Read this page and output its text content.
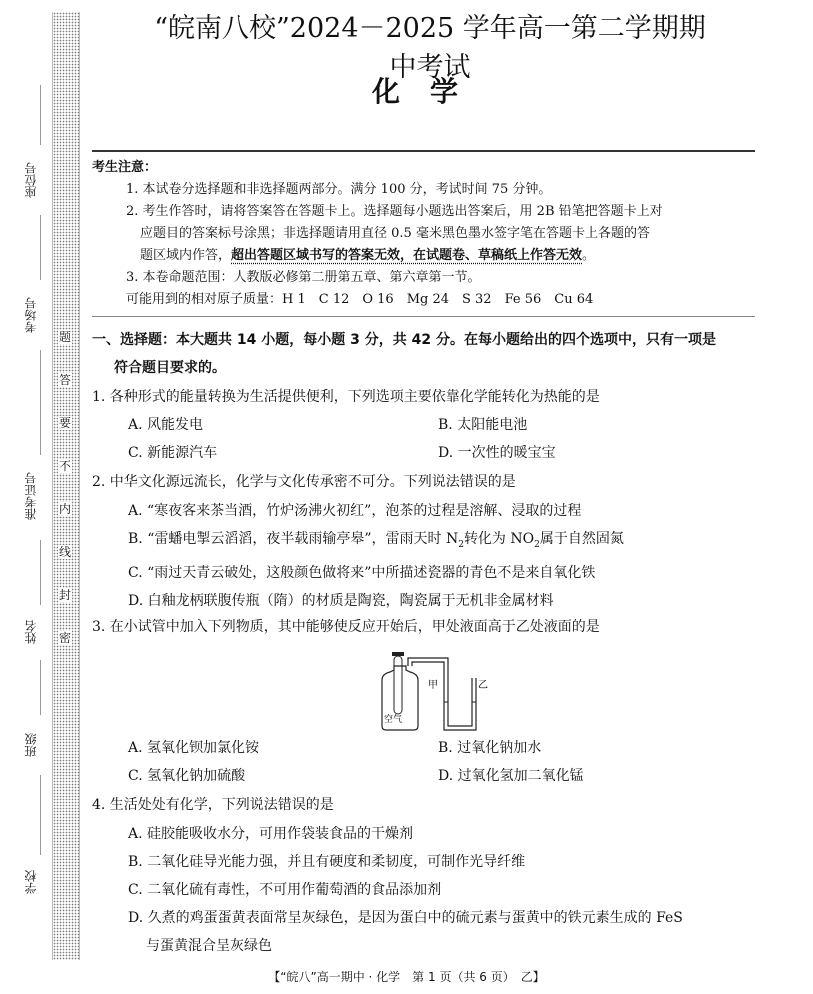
题
答
要
不
内
线
封
密
座位号
考场号
准考证号
姓名
班级
学校
“皖南八校”2024－2025 学年高一第二学期期中考试
化学
考生注意：
1. 本试卷分选择题和非选择题两部分。满分 100 分，考试时间 75 分钟。
2. 考生作答时，请将答案答在答题卡上。选择题每小题选出答案后，用 2B 铅笔把答题卡上对
应题目的答案标号涂黑；非选择题请用直径 0.5 毫米黑色墨水签字笔在答题卡上各题的答
题区域内作答，超出答题区域书写的答案无效，在试题卷、草稿纸上作答无效。
3. 本卷命题范围：人教版必修第二册第五章、第六章第一节。
可能用到的相对原子质量：H 1　C 12　O 16　Mg 24　S 32　Fe 56　Cu 64
一、选择题：本大题共 14 小题，每小题 3 分，共 42 分。在每小题给出的四个选项中，只有一项是
符合题目要求的。
1. 各种形式的能量转换为生活提供便利，下列选项主要依靠化学能转化为热能的是
A. 风能发电	B. 太阳能电池
C. 新能源汽车	D. 一次性的暖宝宝
2. 中华文化源远流长，化学与文化传承密不可分。下列说法错误的是
A. “寒夜客来茶当酒，竹炉汤沸火初红”，泡茶的过程是溶解、浸取的过程
B. “雷蟠电掣云滔滔，夜半载雨输亭皋”，雷雨天时 $N_2$转化为 $NO_2$属于自然固氮
C. “雨过天青云破处，这般颜色做将来”中所描述瓷器的青色不是来自氧化铁
D. 白釉龙柄联腹传瓶（隋）的材质是陶瓷，陶瓷属于无机非金属材料
3. 在小试管中加入下列物质，其中能够使反应开始后，甲处液面高于乙处液面的是
甲	乙
空气
A. 氢氧化钡加氯化铵	B. 过氧化钠加水
C. 氢氧化钠加硫酸	D. 过氧化氢加二氧化锰
4. 生活处处有化学，下列说法错误的是
A. 硅胶能吸收水分，可用作袋装食品的干燥剂
B. 二氧化硅导光能力强，并且有硬度和柔韧度，可制作光导纤维
C. 二氧化硫有毒性，不可用作葡萄酒的食品添加剂
D. 久煮的鸡蛋蛋黄表面常呈灰绿色，是因为蛋白中的硫元素与蛋黄中的铁元素生成的 FeS
与蛋黄混合呈灰绿色
【“皖八”高一期中 · 化学　第 1 页（共 6 页）　乙】
